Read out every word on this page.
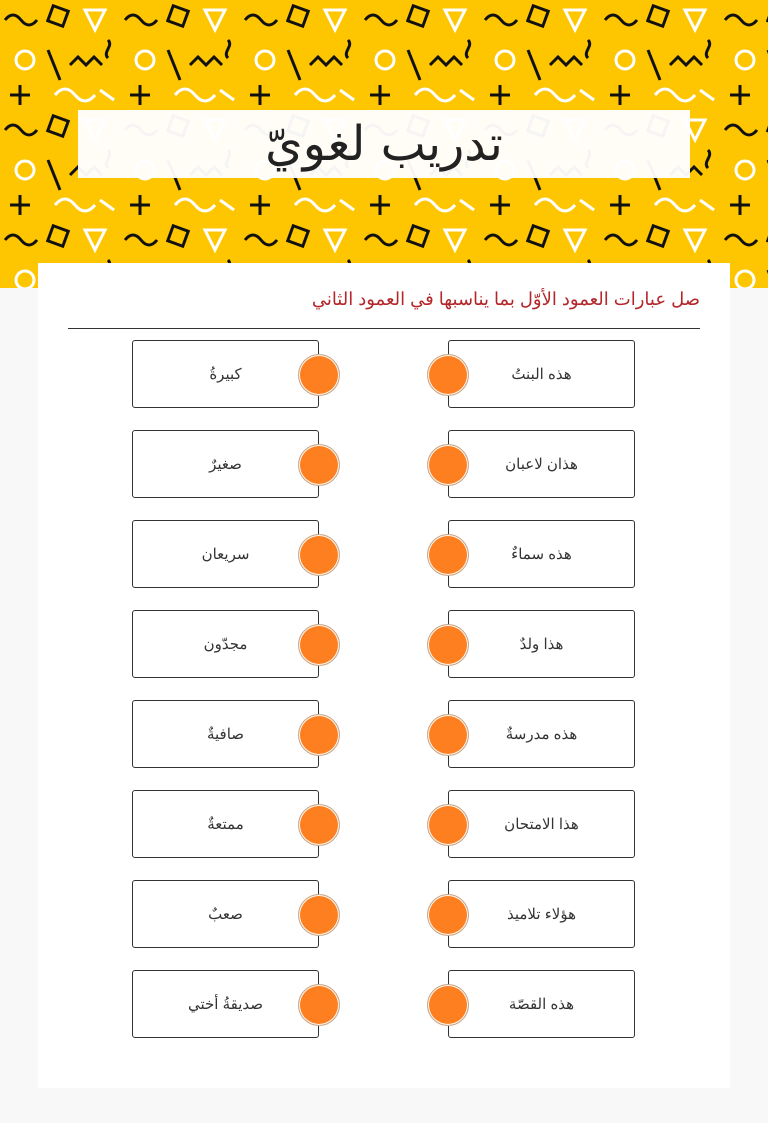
تدريب لغويّ
صل عبارات العمود الأوّل بما يناسبها في العمود الثاني
كبيرةُ	هذه البنتُ
صغيرٌ	هذان لاعبان
سريعان	هذه سماءٌ
مجدّون	هذا ولدٌ
صافيةٌ	هذه مدرسةٌ
ممتعةٌ	هذا الامتحان
صعبٌ	هؤلاء تلاميذ
صديقةُ أختي	هذه القصّة
